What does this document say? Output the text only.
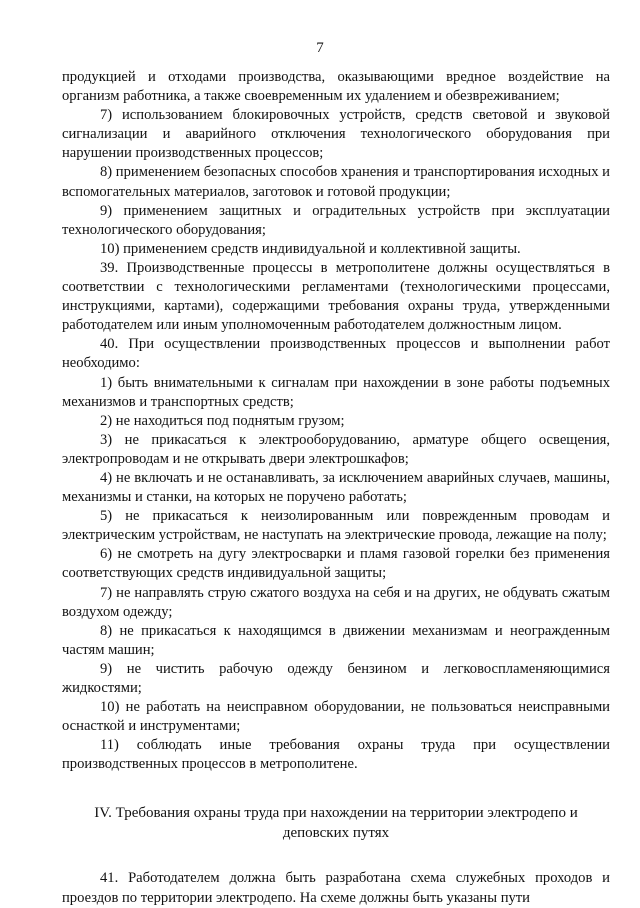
7

продукцией и отходами производства, оказывающими вредное воздействие на организм работника, а также своевременным их удалением и обезвреживанием;

7) использованием блокировочных устройств, средств световой и звуковой сигнализации и аварийного отключения технологического оборудования при нарушении производственных процессов;

8) применением безопасных способов хранения и транспортирования исходных и вспомогательных материалов, заготовок и готовой продукции;

9) применением защитных и оградительных устройств при эксплуатации технологического оборудования;

10) применением средств индивидуальной и коллективной защиты.

39. Производственные процессы в метрополитене должны осуществляться в соответствии с технологическими регламентами (технологическими процессами, инструкциями, картами), содержащими требования охраны труда, утвержденными работодателем или иным уполномоченным работодателем должностным лицом.

40. При осуществлении производственных процессов и выполнении работ необходимо:

1) быть внимательными к сигналам при нахождении в зоне работы подъемных механизмов и транспортных средств;

2) не находиться под поднятым грузом;

3) не прикасаться к электрооборудованию, арматуре общего освещения, электропроводам и не открывать двери электрошкафов;

4) не включать и не останавливать, за исключением аварийных случаев, машины, механизмы и станки, на которых не поручено работать;

5) не прикасаться к неизолированным или поврежденным проводам и электрическим устройствам, не наступать на электрические провода, лежащие на полу;

6) не смотреть на дугу электросварки и пламя газовой горелки без применения соответствующих средств индивидуальной защиты;

7) не направлять струю сжатого воздуха на себя и на других, не обдувать сжатым воздухом одежду;

8) не прикасаться к находящимся в движении механизмам и неогражденным частям машин;

9) не чистить рабочую одежду бензином и легковоспламеняющимися жидкостями;

10) не работать на неисправном оборудовании, не пользоваться неисправными оснасткой и инструментами;

11) соблюдать иные требования охраны труда при осуществлении производственных процессов в метрополитене.

IV. Требования охраны труда при нахождении на территории электродепо и
деповских путях

41. Работодателем должна быть разработана схема служебных проходов и проездов по территории электродепо. На схеме должны быть указаны пути
